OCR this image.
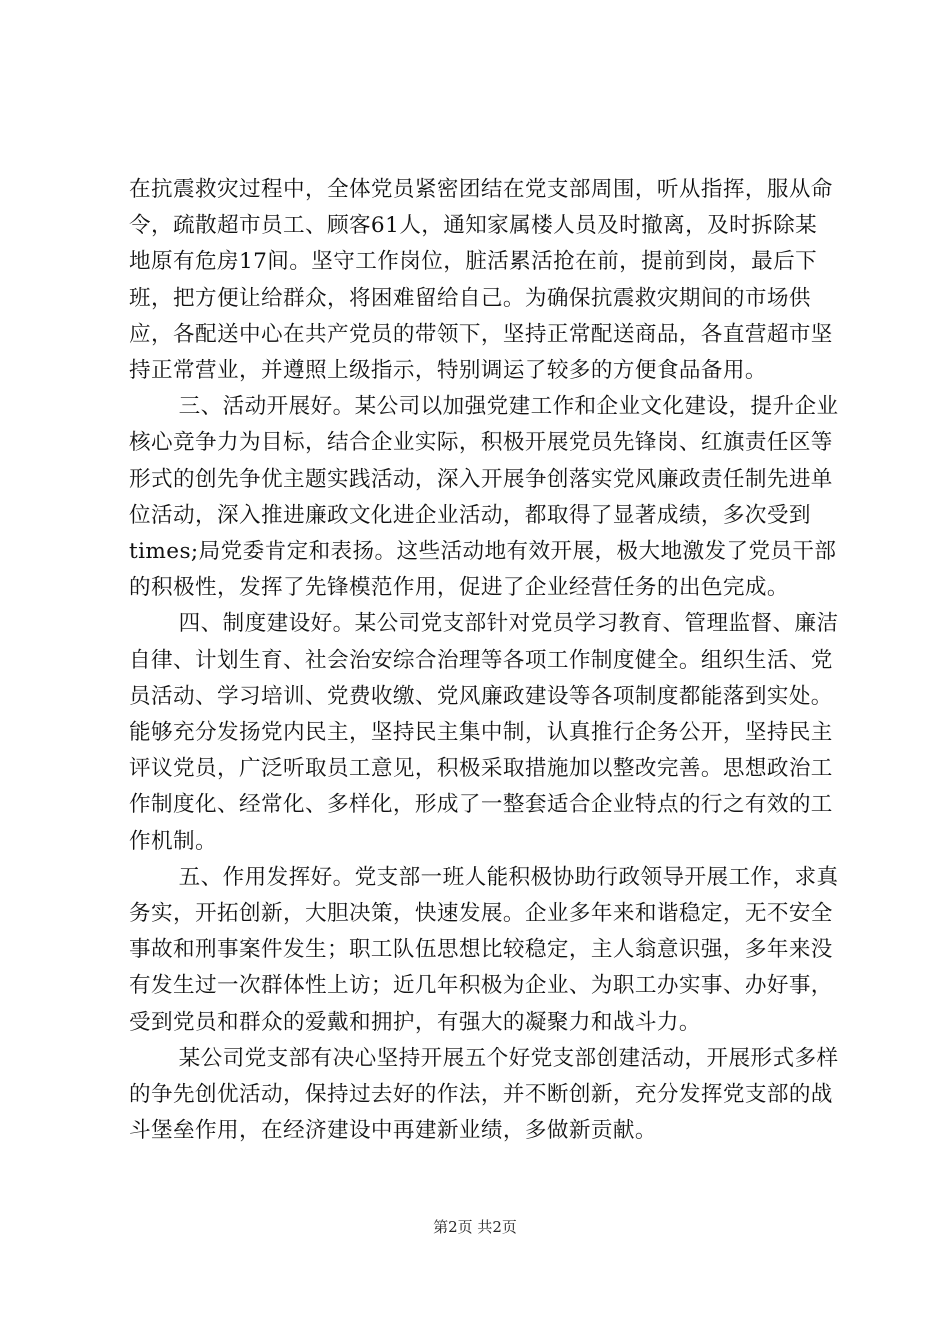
在抗震救灾过程中，全体党员紧密团结在党支部周围，听从指挥，服从命令，疏散超市员工、顾客61人，通知家属楼人员及时撤离，及时拆除某地原有危房17间。坚守工作岗位，脏活累活抢在前，提前到岗，最后下班，把方便让给群众，将困难留给自己。为确保抗震救灾期间的市场供应，各配送中心在共产党员的带领下，坚持正常配送商品，各直营超市坚持正常营业，并遵照上级指示，特别调运了较多的方便食品备用。

三、活动开展好。某公司以加强党建工作和企业文化建设，提升企业核心竞争力为目标，结合企业实际，积极开展党员先锋岗、红旗责任区等形式的创先争优主题实践活动，深入开展争创落实党风廉政责任制先进单位活动，深入推进廉政文化进企业活动，都取得了显著成绩，多次受到times;局党委肯定和表扬。这些活动地有效开展，极大地激发了党员干部的积极性，发挥了先锋模范作用，促进了企业经营任务的出色完成。

四、制度建设好。某公司党支部针对党员学习教育、管理监督、廉洁自律、计划生育、社会治安综合治理等各项工作制度健全。组织生活、党员活动、学习培训、党费收缴、党风廉政建设等各项制度都能落到实处。能够充分发扬党内民主，坚持民主集中制，认真推行企务公开，坚持民主评议党员，广泛听取员工意见，积极采取措施加以整改完善。思想政治工作制度化、经常化、多样化，形成了一整套适合企业特点的行之有效的工作机制。

五、作用发挥好。党支部一班人能积极协助行政领导开展工作，求真务实，开拓创新，大胆决策，快速发展。企业多年来和谐稳定，无不安全事故和刑事案件发生；职工队伍思想比较稳定，主人翁意识强，多年来没有发生过一次群体性上访；近几年积极为企业、为职工办实事、办好事，受到党员和群众的爱戴和拥护，有强大的凝聚力和战斗力。

某公司党支部有决心坚持开展五个好党支部创建活动，开展形式多样的争先创优活动，保持过去好的作法，并不断创新，充分发挥党支部的战斗堡垒作用，在经济建设中再建新业绩，多做新贡献。

第2页 共2页
